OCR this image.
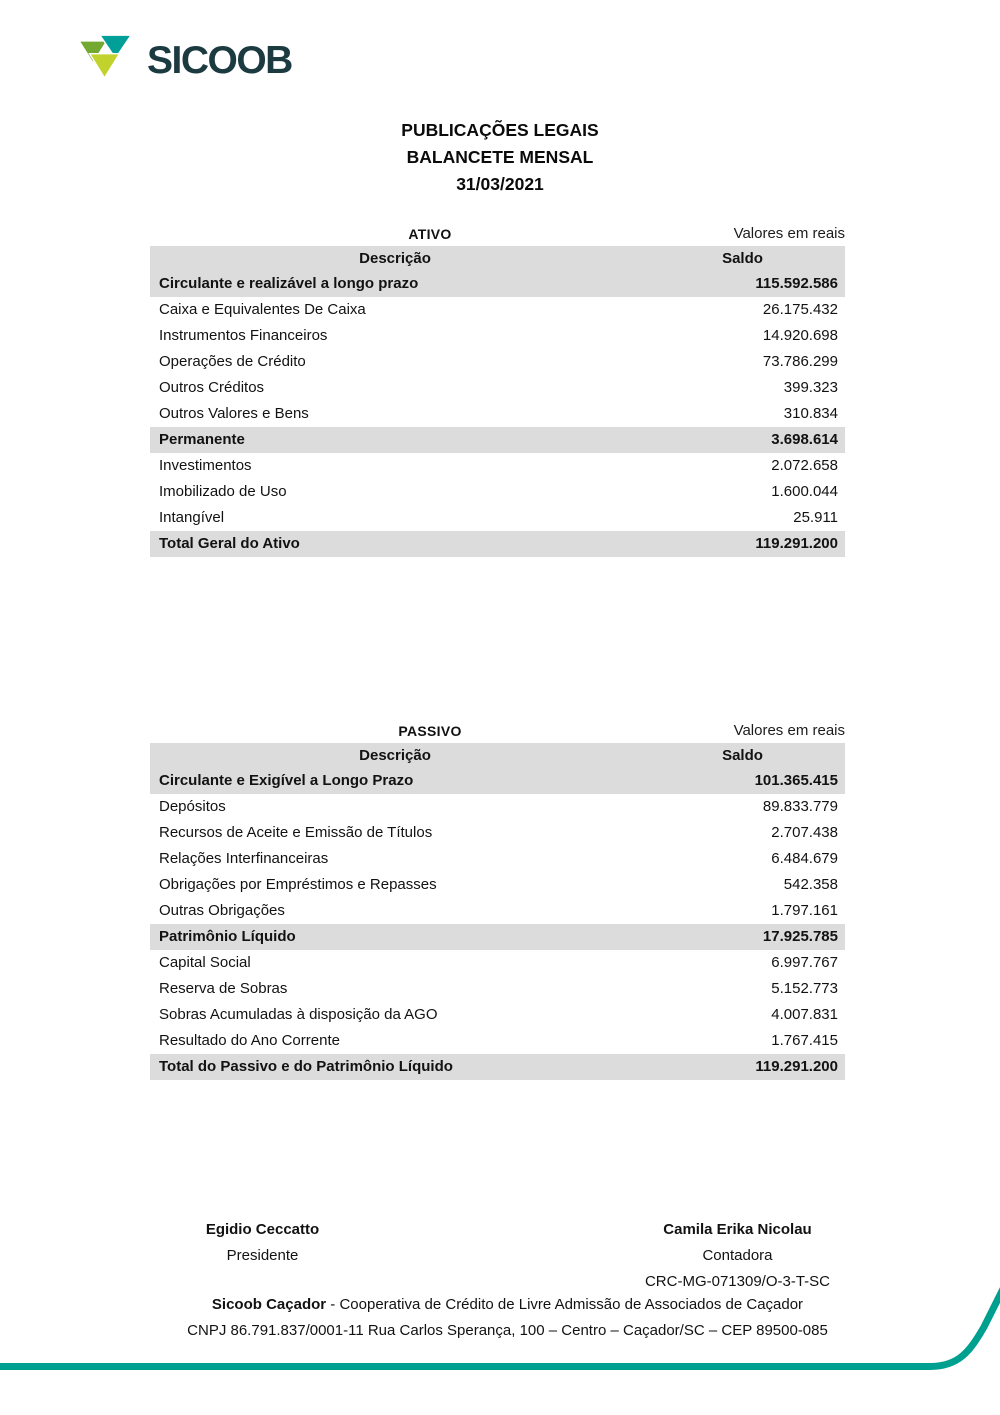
SICOOB
PUBLICAÇÕES LEGAIS
BALANCETE MENSAL
31/03/2021
ATIVO	Valores em reais
Descrição	Saldo
Circulante e realizável a longo prazo	115.592.586
Caixa e Equivalentes De Caixa	26.175.432
Instrumentos Financeiros	14.920.698
Operações de Crédito	73.786.299
Outros Créditos	399.323
Outros Valores e Bens	310.834
Permanente	3.698.614
Investimentos	2.072.658
Imobilizado de Uso	1.600.044
Intangível	25.911
Total Geral do Ativo	119.291.200
PASSIVO	Valores em reais
Descrição	Saldo
Circulante e Exigível a Longo Prazo	101.365.415
Depósitos	89.833.779
Recursos de Aceite e Emissão de Títulos	2.707.438
Relações Interfinanceiras	6.484.679
Obrigações por Empréstimos e Repasses	542.358
Outras Obrigações	1.797.161
Patrimônio Líquido	17.925.785
Capital Social	6.997.767
Reserva de Sobras	5.152.773
Sobras Acumuladas à disposição da AGO	4.007.831
Resultado do Ano Corrente	1.767.415
Total do Passivo e do Patrimônio Líquido	119.291.200
Egidio Ceccatto
Presidente
Camila Erika Nicolau
Contadora
CRC-MG-071309/O-3-T-SC
Sicoob Caçador - Cooperativa de Crédito de Livre Admissão de Associados de Caçador
CNPJ 86.791.837/0001-11 Rua Carlos Sperança, 100 – Centro – Caçador/SC – CEP 89500-085
